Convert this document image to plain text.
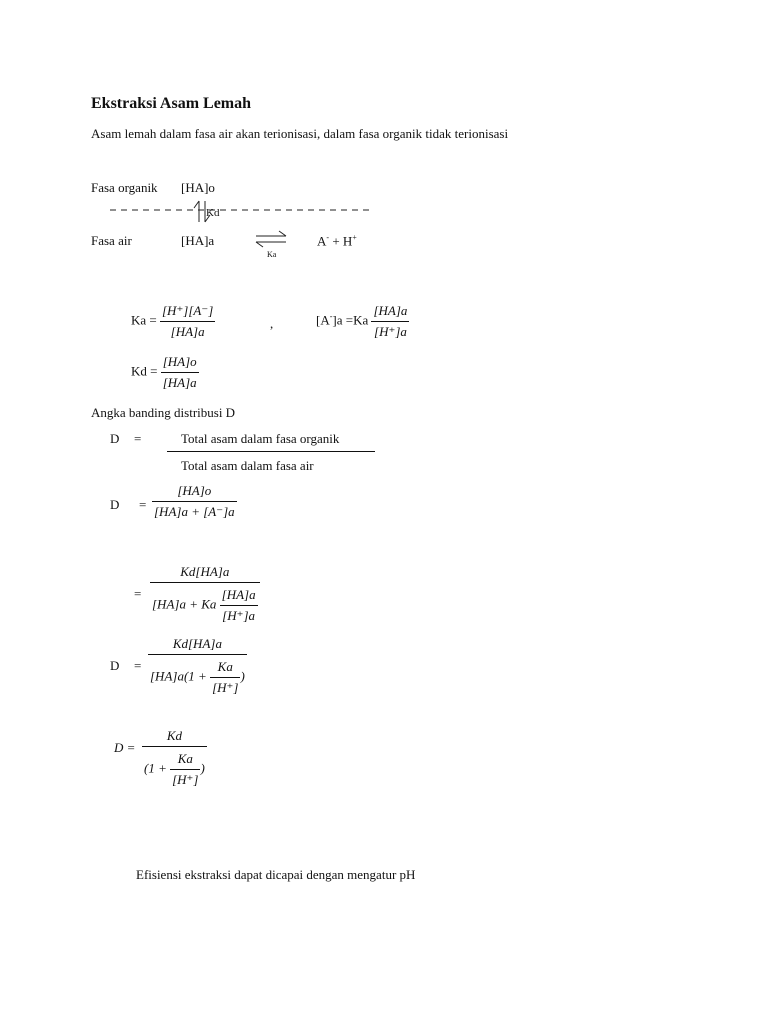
Ekstraksi Asam Lemah
Asam lemah dalam fasa air akan terionisasi, dalam fasa organik tidak terionisasi
Fasa organik [HA]o
Kd
Fasa air	[HA]a
Ka
A- + H+
$Ka = \frac{[H^+][A^-]}{[HA]a}$	,	$[A^-]a =Ka \frac{[HA]a}{[H^+]a}$
$Kd = \frac{[HA]o}{[HA]a}$
Angka banding distribusi D
D =	Total asam dalam fasa organik
Total asam dalam fasa air
$D = \frac{[HA]o}{[HA]a + [A^-]a}$
= $\frac{Kd[HA]a}{[HA]a + Ka \frac{[HA]a}{[H^+]a}}$
$D = \frac{Kd[HA]a}{[HA]a(1 + \frac{Ka}{[H^+]} )}$
$D = \frac{Kd}{(1 + \frac{Ka}{[H^+]} )}$
Efisiensi ekstraksi dapat dicapai dengan mengatur pH
